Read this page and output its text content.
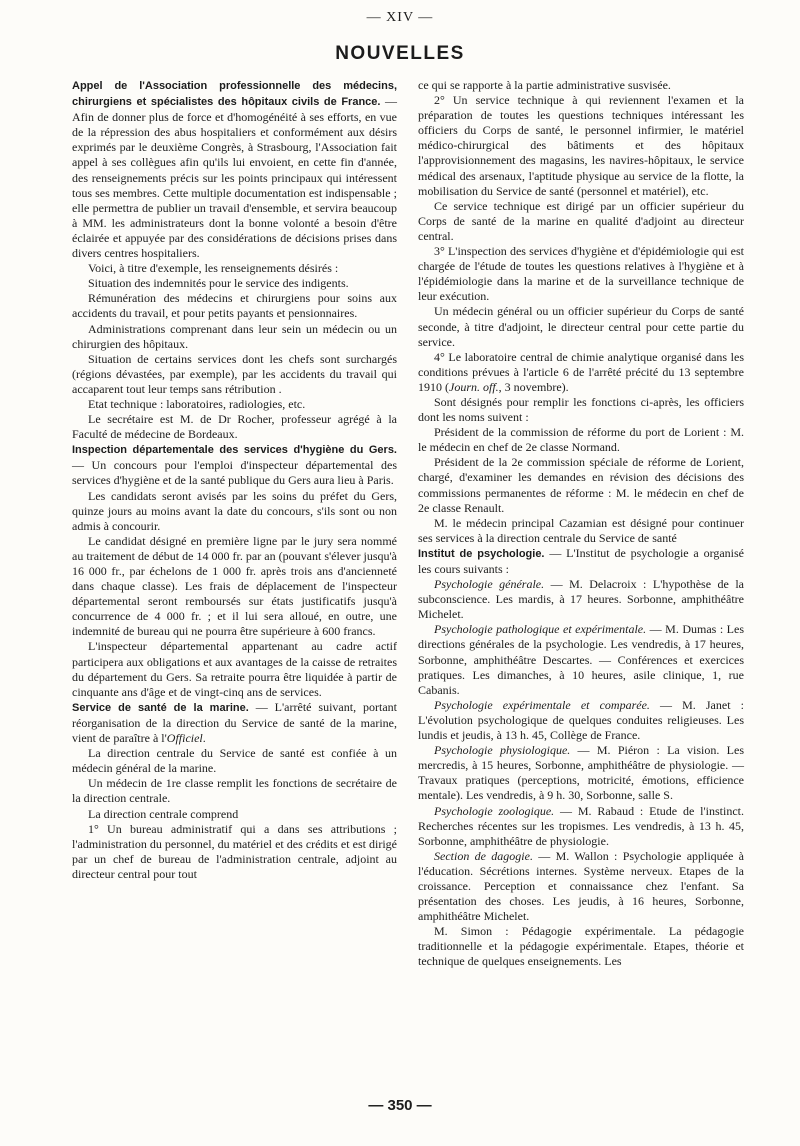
— XIV —
NOUVELLES

Appel de l'Association professionnelle des médecins, chirurgiens et spécialistes des hôpitaux civils de France. — Afin de donner plus de force et d'homogénéité à ses efforts, en vue de la répression des abus hospitaliers et conformément aux désirs exprimés par le deuxième Congrès, à Strasbourg, l'Association fait appel à ses collègues afin qu'ils lui envoient, en cette fin d'année, des renseignements précis sur les points principaux qui intéressent tous ses membres. Cette multiple documentation est indispensable ; elle permettra de publier un travail d'ensemble, et servira beaucoup à MM. les administrateurs dont la bonne volonté a besoin d'être éclairée et appuyée par des considérations de décisions prises dans divers centres hospitaliers.

Voici, à titre d'exemple, les renseignements désirés :

Situation des indemnités pour le service des indigents.

Rémunération des médecins et chirurgiens pour soins aux accidents du travail, et pour petits payants et pensionnaires.

Administrations comprenant dans leur sein un médecin ou un chirurgien des hôpitaux.

Situation de certains services dont les chefs sont surchargés (régions dévastées, par exemple), par les accidents du travail qui accaparent tout leur temps sans rétribution .

Etat technique : laboratoires, radiologies, etc.

Le secrétaire est M. de Dr Rocher, professeur agrégé à la Faculté de médecine de Bordeaux.

Inspection départementale des services d'hygiène du Gers. — Un concours pour l'emploi d'inspecteur départemental des services d'hygiène et de la santé publique du Gers aura lieu à Paris.

Les candidats seront avisés par les soins du préfet du Gers, quinze jours au moins avant la date du concours, s'ils sont ou non admis à concourir.

Le candidat désigné en première ligne par le jury sera nommé au traitement de début de 14 000 fr. par an (pouvant s'élever jusqu'à 16 000 fr., par échelons de 1 000 fr. après trois ans d'ancienneté dans chaque classe). Les frais de déplacement de l'inspecteur départemental seront remboursés sur états justificatifs jusqu'à concurrence de 4 000 fr. ; et il lui sera alloué, en outre, une indemnité de bureau qui ne pourra être supérieure à 600 francs.

L'inspecteur départemental appartenant au cadre actif participera aux obligations et aux avantages de la caisse de retraites du département du Gers. Sa retraite pourra être liquidée à partir de cinquante ans d'âge et de vingt-cinq ans de services.

Service de santé de la marine. — L'arrêté suivant, portant réorganisation de la direction du Service de santé de la marine, vient de paraître à l'Officiel.

La direction centrale du Service de santé est confiée à un médecin général de la marine.

Un médecin de 1re classe remplit les fonctions de secrétaire de la direction centrale.

La direction centrale comprend

1° Un bureau administratif qui a dans ses attributions ; l'administration du personnel, du matériel et des crédits et est dirigé par un chef de bureau de l'administration centrale, adjoint au directeur central pour tout

ce qui se rapporte à la partie administrative susvisée.

2° Un service technique à qui reviennent l'examen et la préparation de toutes les questions techniques intéressant les officiers du Corps de santé, le personnel infirmier, le matériel médico-chirurgical des bâtiments et des hôpitaux l'approvisionnement des magasins, les navires-hôpitaux, le service médical des arsenaux, l'aptitude physique au service de la flotte, la mobilisation du Service de santé (personnel et matériel), etc.

Ce service technique est dirigé par un officier supérieur du Corps de santé de la marine en qualité d'adjoint au directeur central.

3° L'inspection des services d'hygiène et d'épidémiologie qui est chargée de l'étude de toutes les questions relatives à l'hygiène et à l'épidémiologie dans la marine et de la surveillance technique de leur exécution.

Un médecin général ou un officier supérieur du Corps de santé seconde, à titre d'adjoint, le directeur central pour cette partie du service.

4° Le laboratoire central de chimie analytique organisé dans les conditions prévues à l'article 6 de l'arrêté précité du 13 septembre 1910 (Journ. off., 3 novembre).

Sont désignés pour remplir les fonctions ci-après, les officiers dont les noms suivent :

Président de la commission de réforme du port de Lorient : M. le médecin en chef de 2e classe Normand.

Président de la 2e commission spéciale de réforme de Lorient, chargé, d'examiner les demandes en révision des décisions des commissions permanentes de réforme : M. le médecin en chef de 2e classe Renault.

M. le médecin principal Cazamian est désigné pour continuer ses services à la direction centrale du Service de santé

Institut de psychologie. — L'Institut de psychologie a organisé les cours suivants :

Psychologie générale. — M. Delacroix : L'hypothèse de la subconscience. Les mardis, à 17 heures. Sorbonne, amphithéâtre Michelet.

Psychologie pathologique et expérimentale. — M. Dumas : Les directions générales de la psychologie. Les vendredis, à 17 heures, Sorbonne, amphithéâtre Descartes. — Conférences et exercices pratiques. Les dimanches, à 10 heures, asile clinique, 1, rue Cabanis.

Psychologie expérimentale et comparée. — M. Janet : L'évolution psychologique de quelques conduites religieuses. Les lundis et jeudis, à 13 h. 45, Collège de France.

Psychologie physiologique. — M. Piéron : La vision. Les mercredis, à 15 heures, Sorbonne, amphithéâtre de physiologie. — Travaux pratiques (perceptions, motricité, émotions, efficience mentale). Les vendredis, à 9 h. 30, Sorbonne, salle S.

Psychologie zoologique. — M. Rabaud : Etude de l'instinct. Recherches récentes sur les tropismes. Les vendredis, à 13 h. 45, Sorbonne, amphithéâtre de physiologie.

Section de dagogie. — M. Wallon : Psychologie appliquée à l'éducation. Sécrétions internes. Système nerveux. Etapes de la croissance. Perception et connaissance chez l'enfant. Sa présentation des choses. Les jeudis, à 16 heures, Sorbonne, amphithéâtre Michelet.

M. Simon : Pédagogie expérimentale. La pédagogie traditionnelle et la pédagogie expérimentale. Etapes, théorie et technique de quelques enseignements. Les

— 350 —
